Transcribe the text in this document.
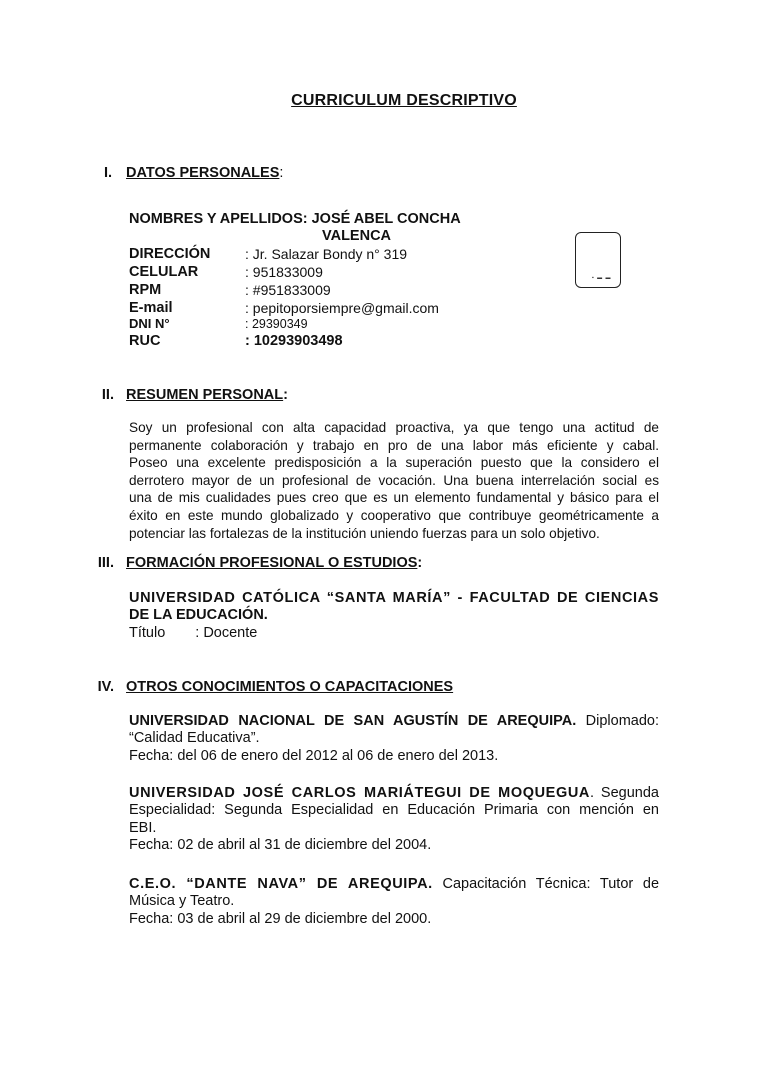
CURRICULUM DESCRIPTIVO
I. DATOS PERSONALES:
NOMBRES Y APELLIDOS: JOSÉ ABEL CONCHA
VALENCA
DIRECCIÓN : Jr. Salazar Bondy n° 319
CELULAR	: 951833009
RPM	: #951833009
E-mail	: pepitoporsiempre@gmail.com
DNI N°	: 29390349
RUC	: 10293903498
▪ ▬ ▬
II. RESUMEN PERSONAL:
Soy un profesional con alta capacidad proactiva, ya que tengo una actitud de
permanente colaboración y trabajo en pro de una labor más eficiente y cabal.
Poseo una excelente predisposición a la superación puesto que la considero el
derrotero mayor de un profesional de vocación. Una buena interrelación social es
una de mis cualidades pues creo que es un elemento fundamental y básico para el
éxito en este mundo globalizado y cooperativo que contribuye geométricamente a
potenciar las fortalezas de la institución uniendo fuerzas para un solo objetivo.
III. FORMACIÓN PROFESIONAL O ESTUDIOS:
UNIVERSIDAD CATÓLICA “SANTA MARÍA” - FACULTAD DE CIENCIAS
DE LA EDUCACIÓN.
Título : Docente
IV. OTROS CONOCIMIENTOS O CAPACITACIONES
UNIVERSIDAD NACIONAL DE SAN AGUSTÍN DE AREQUIPA. Diplomado:
“Calidad Educativa”.
Fecha: del 06 de enero del 2012 al 06 de enero del 2013.
UNIVERSIDAD JOSÉ CARLOS MARIÁTEGUI DE MOQUEGUA. Segunda
Especialidad: Segunda Especialidad en Educación Primaria con mención en
EBI.
Fecha: 02 de abril al 31 de diciembre del 2004.
C.E.O. “DANTE NAVA” DE AREQUIPA. Capacitación Técnica: Tutor de
Música y Teatro.
Fecha: 03 de abril al 29 de diciembre del 2000.
